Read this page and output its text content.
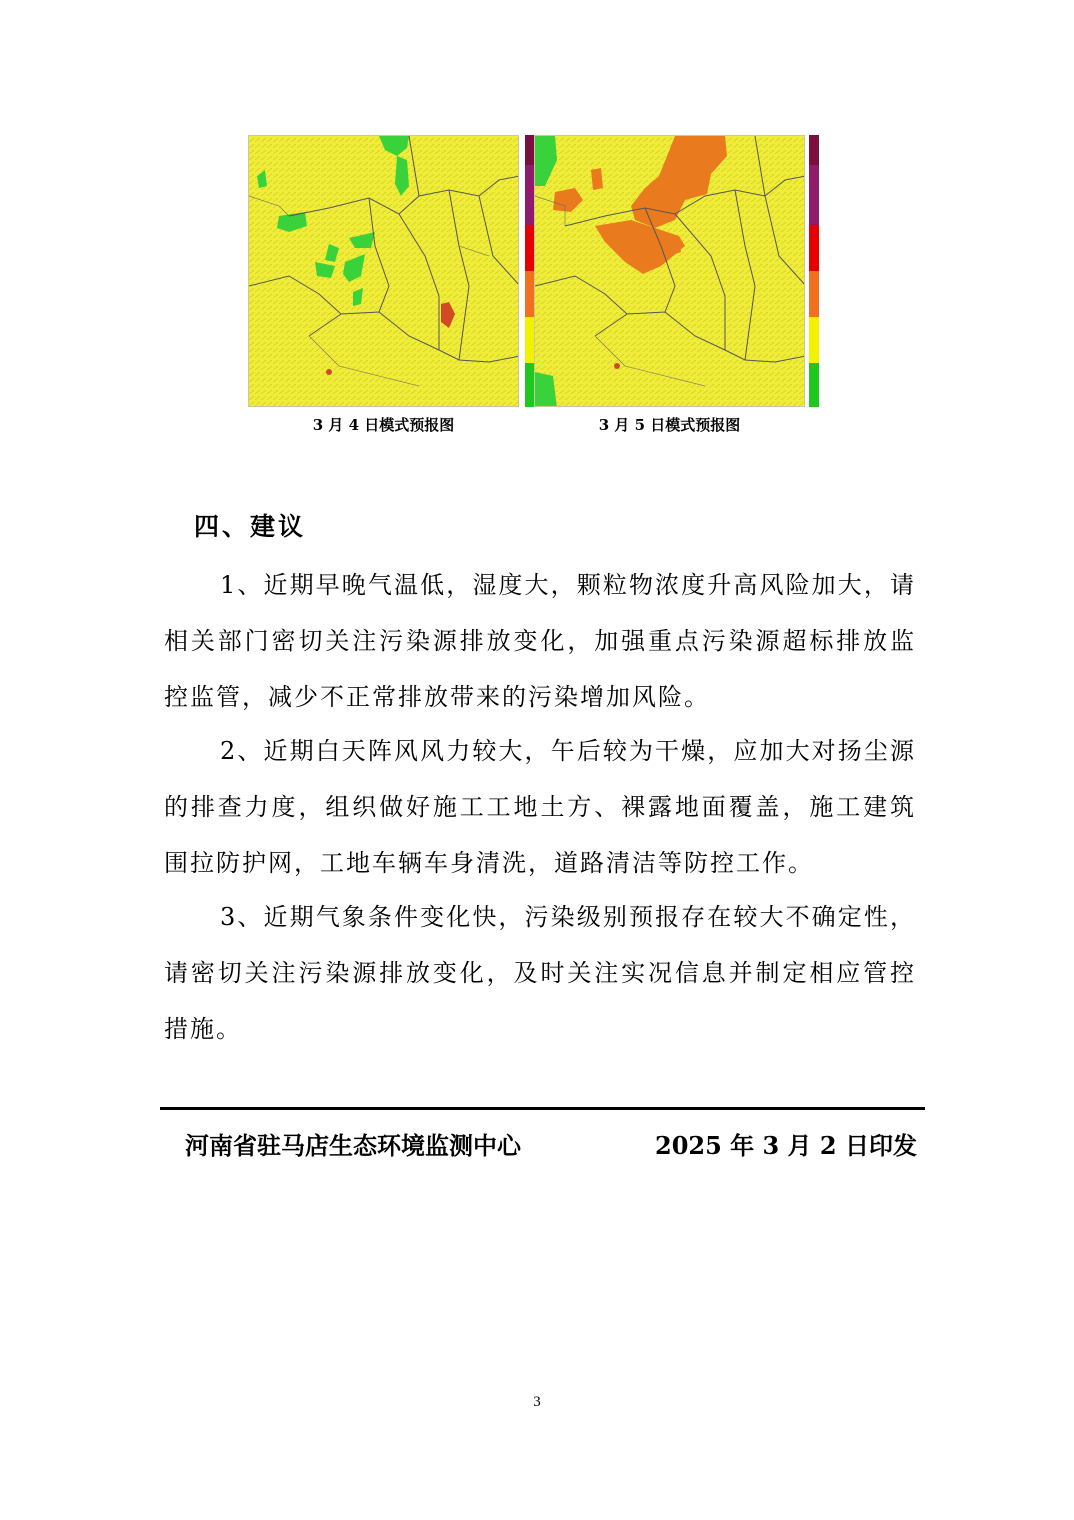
3 月 4 日模式预报图	3 月 5 日模式预报图
四、建议
1、近期早晚气温低，湿度大，颗粒物浓度升高风险加大，请相关部门密切关注污染源排放变化，加强重点污染源超标排放监控监管，减少不正常排放带来的污染增加风险。
2、近期白天阵风风力较大，午后较为干燥，应加大对扬尘源的排查力度，组织做好施工工地土方、裸露地面覆盖，施工建筑围拉防护网，工地车辆车身清洗，道路清洁等防控工作。
3、近期气象条件变化快，污染级别预报存在较大不确定性，请密切关注污染源排放变化，及时关注实况信息并制定相应管控措施。
河南省驻马店生态环境监测中心	2025 年 3 月 2 日印发
3
